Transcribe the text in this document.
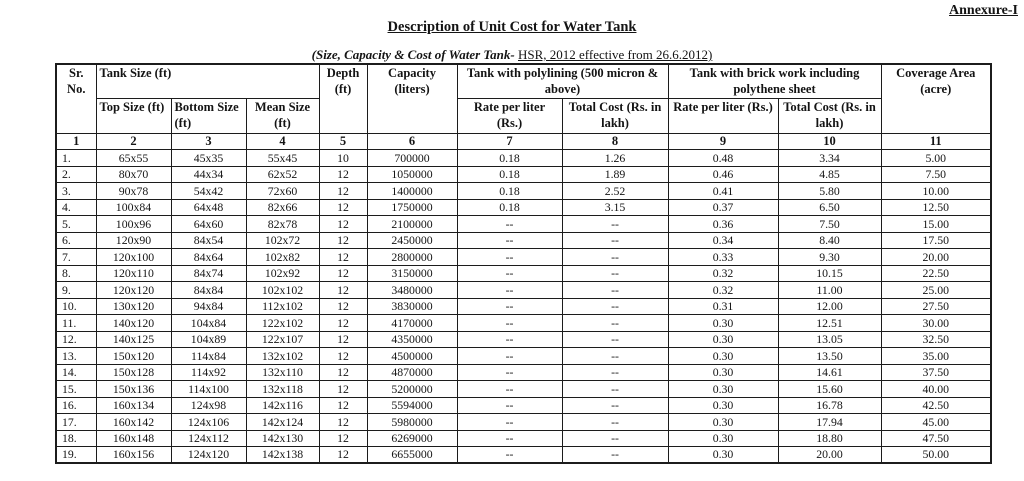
Annexure-I
Description of Unit Cost for Water Tank
(Size, Capacity & Cost of Water Tank- HSR, 2012 effective from 26.6.2012)
Sr. No.	Tank Size (ft)			Depth (ft)	Capacity (liters)	Tank with polylining (500 micron & above)		Tank with brick work including polythene sheet		Coverage Area (acre)
	Top Size (ft)	Bottom Size (ft)	Mean Size (ft)			Rate per liter (Rs.)	Total Cost (Rs. in lakh)	Rate per liter (Rs.)	Total Cost (Rs. in lakh)	
1	2	3	4	5	6	7	8	9	10	11
1.	65x55	45x35	55x45	10	700000	0.18	1.26	0.48	3.34	5.00
2.	80x70	44x34	62x52	12	1050000	0.18	1.89	0.46	4.85	7.50
3.	90x78	54x42	72x60	12	1400000	0.18	2.52	0.41	5.80	10.00
4.	100x84	64x48	82x66	12	1750000	0.18	3.15	0.37	6.50	12.50
5.	100x96	64x60	82x78	12	2100000	--	--	0.36	7.50	15.00
6.	120x90	84x54	102x72	12	2450000	--	--	0.34	8.40	17.50
7.	120x100	84x64	102x82	12	2800000	--	--	0.33	9.30	20.00
8.	120x110	84x74	102x92	12	3150000	--	--	0.32	10.15	22.50
9.	120x120	84x84	102x102	12	3480000	--	--	0.32	11.00	25.00
10.	130x120	94x84	112x102	12	3830000	--	--	0.31	12.00	27.50
11.	140x120	104x84	122x102	12	4170000	--	--	0.30	12.51	30.00
12.	140x125	104x89	122x107	12	4350000	--	--	0.30	13.05	32.50
13.	150x120	114x84	132x102	12	4500000	--	--	0.30	13.50	35.00
14.	150x128	114x92	132x110	12	4870000	--	--	0.30	14.61	37.50
15.	150x136	114x100	132x118	12	5200000	--	--	0.30	15.60	40.00
16.	160x134	124x98	142x116	12	5594000	--	--	0.30	16.78	42.50
17.	160x142	124x106	142x124	12	5980000	--	--	0.30	17.94	45.00
18.	160x148	124x112	142x130	12	6269000	--	--	0.30	18.80	47.50
19.	160x156	124x120	142x138	12	6655000	--	--	0.30	20.00	50.00
